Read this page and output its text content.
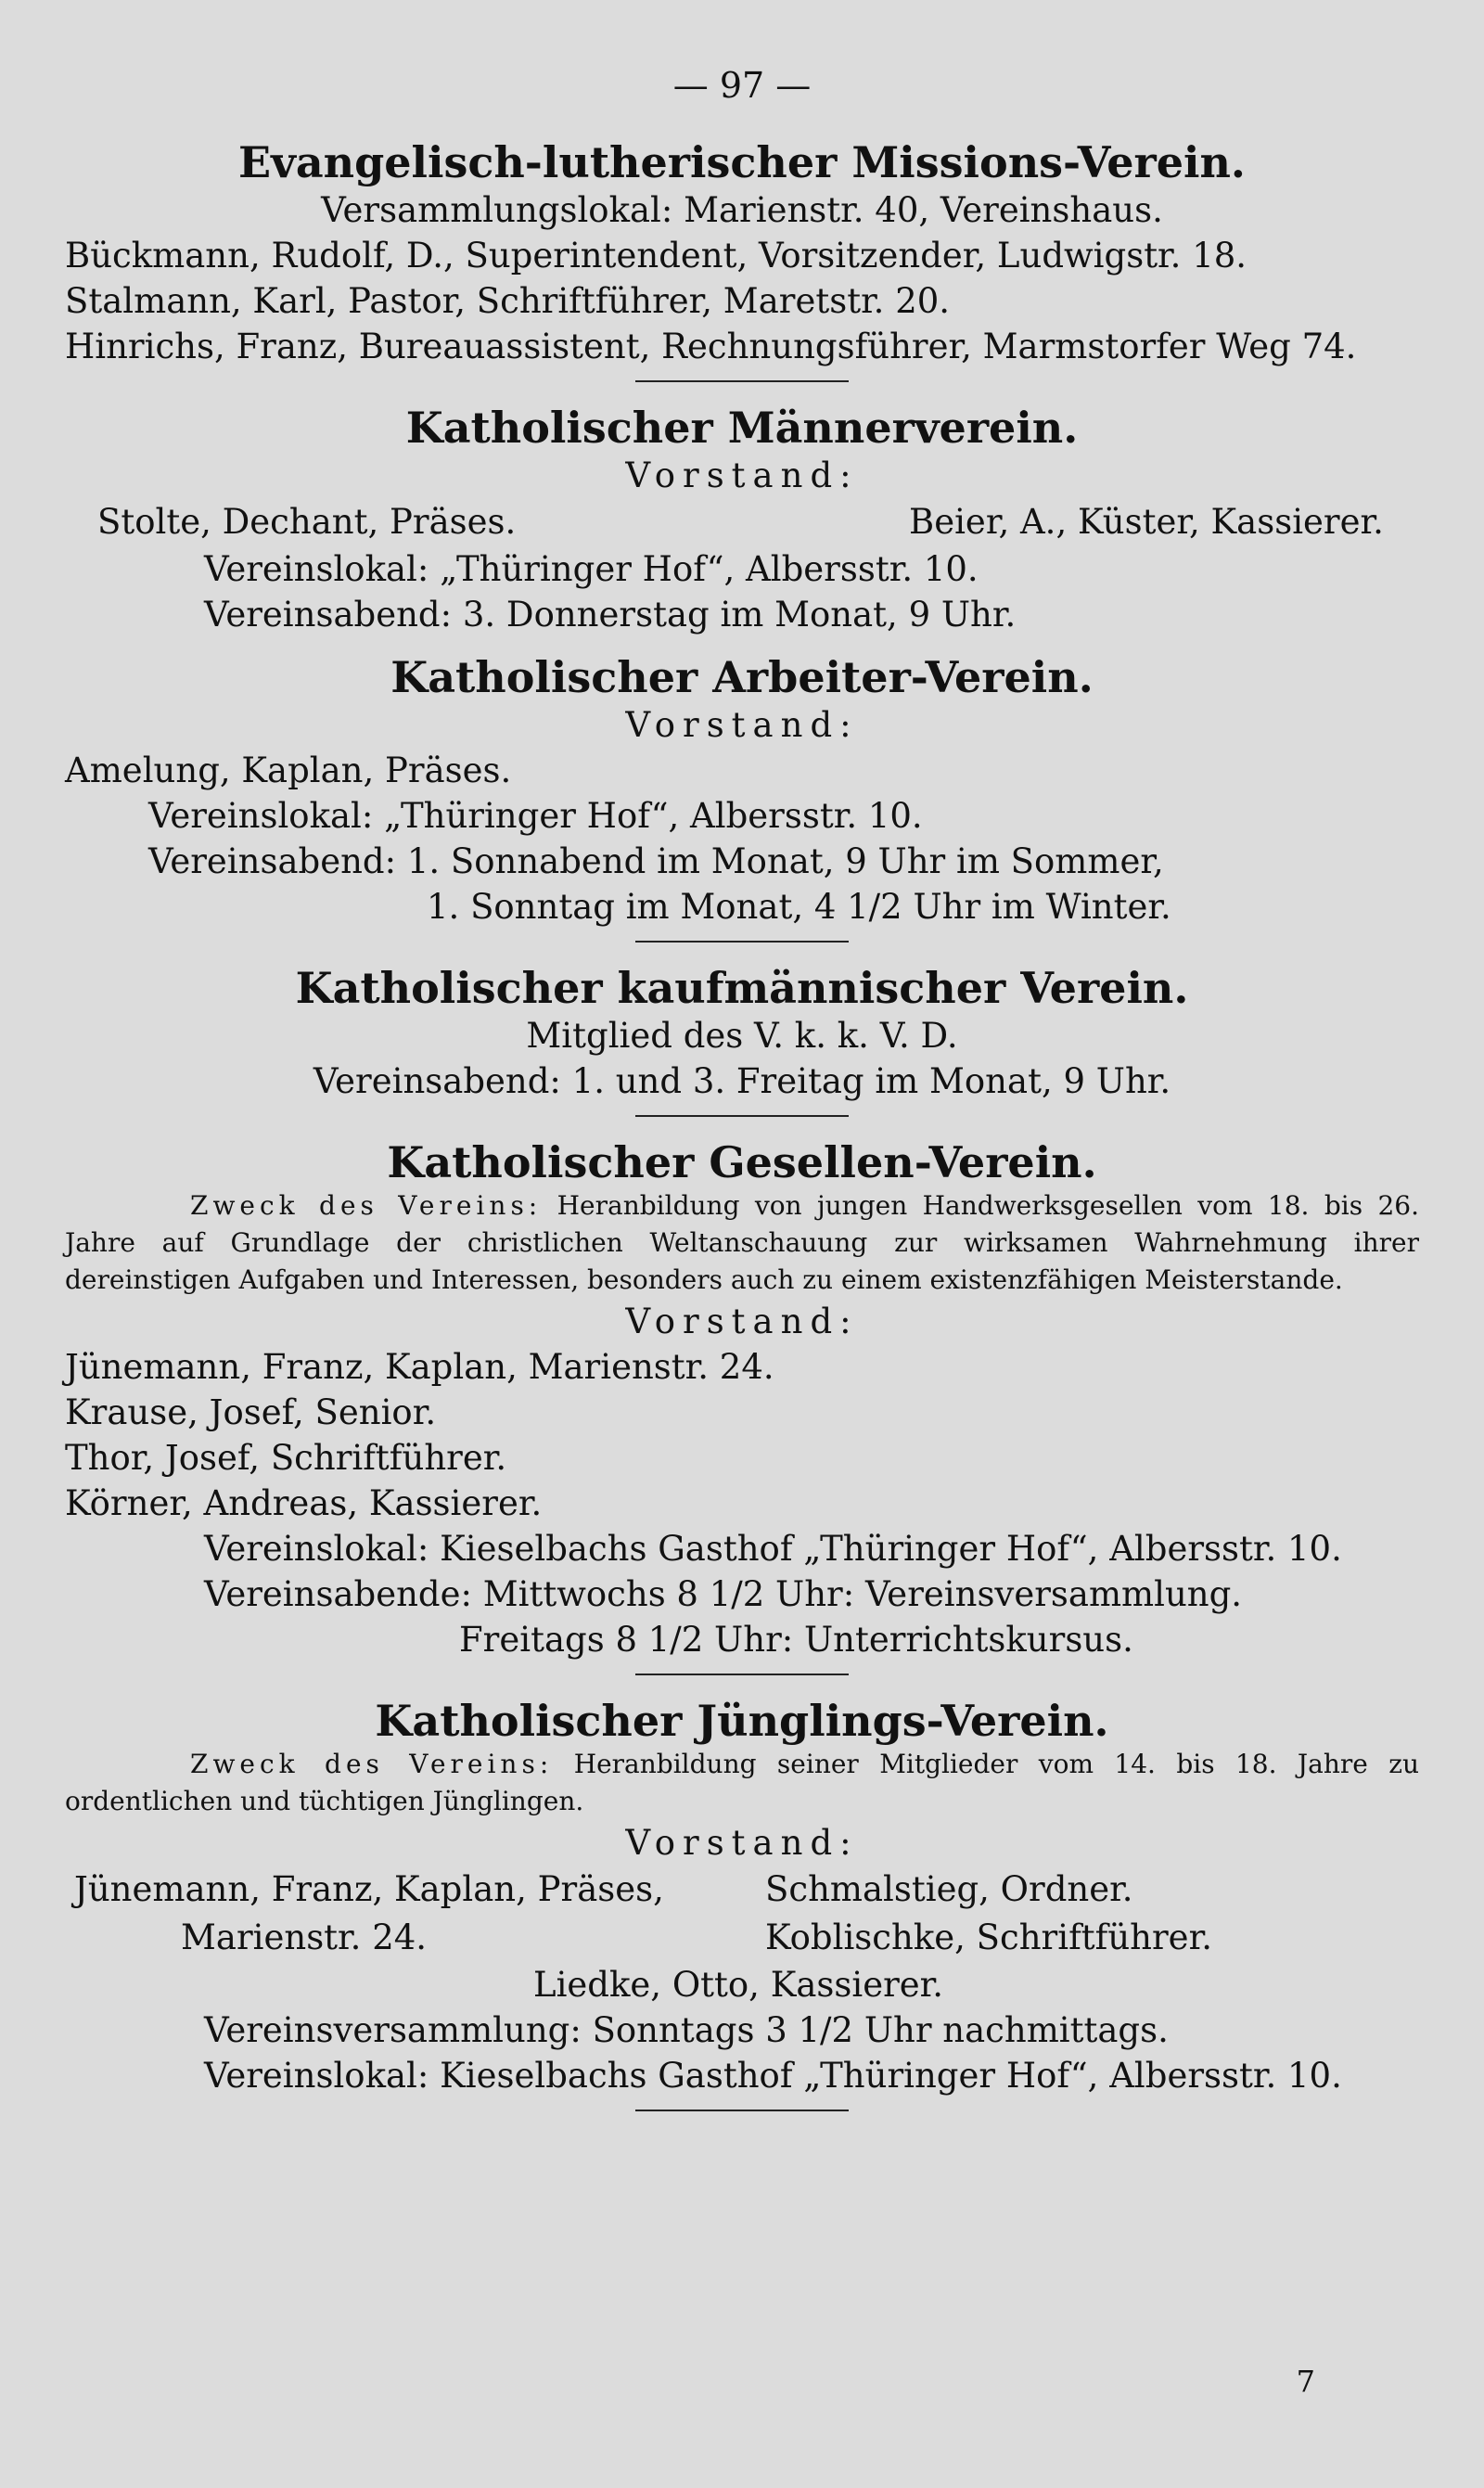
— 97 —
Evangelisch-lutherischer Missions-Verein.
Versammlungslokal: Marienstr. 40, Vereinshaus.
Bückmann, Rudolf, D., Superintendent, Vorsitzender, Ludwigstr. 18.
Stalmann, Karl, Pastor, Schriftführer, Maretstr. 20.
Hinrichs, Franz, Bureauassistent, Rechnungsführer, Marmstorfer Weg 74.
Katholischer Männerverein.
Vorstand:
Stolte, Dechant, Präses.	Beier, A., Küster, Kassierer.
Vereinslokal: „Thüringer Hof“, Albersstr. 10.
Vereinsabend: 3. Donnerstag im Monat, 9 Uhr.
Katholischer Arbeiter-Verein.
Vorstand:
Amelung, Kaplan, Präses.
Vereinslokal: „Thüringer Hof“, Albersstr. 10.
Vereinsabend: 1. Sonnabend im Monat, 9 Uhr im Sommer,
1. Sonntag im Monat, 4 1/2 Uhr im Winter.
Katholischer kaufmännischer Verein.
Mitglied des V. k. k. V. D.
Vereinsabend: 1. und 3. Freitag im Monat, 9 Uhr.
Katholischer Gesellen-Verein.
Zweck des Vereins: Heranbildung von jungen Handwerksgesellen vom 18. bis 26. Jahre auf Grundlage der christlichen Weltanschauung zur wirksamen Wahrnehmung ihrer dereinstigen Aufgaben und Interessen, besonders auch zu einem existenzfähigen Meisterstande.
Vorstand:
Jünemann, Franz, Kaplan, Marienstr. 24.
Krause, Josef, Senior.
Thor, Josef, Schriftführer.
Körner, Andreas, Kassierer.
Vereinslokal: Kieselbachs Gasthof „Thüringer Hof“, Albersstr. 10.
Vereinsabende: Mittwochs 8 1/2 Uhr: Vereinsversammlung.
Freitags 8 1/2 Uhr: Unterrichtskursus.
Katholischer Jünglings-Verein.
Zweck des Vereins: Heranbildung seiner Mitglieder vom 14. bis 18. Jahre zu ordentlichen und tüchtigen Jünglingen.
Vorstand:
Jünemann, Franz, Kaplan, Präses,	Schmalstieg, Ordner.
Marienstr. 24.	Koblischke, Schriftführer.
Liedke, Otto, Kassierer.
Vereinsversammlung: Sonntags 3 1/2 Uhr nachmittags.
Vereinslokal: Kieselbachs Gasthof „Thüringer Hof“, Albersstr. 10.
7
